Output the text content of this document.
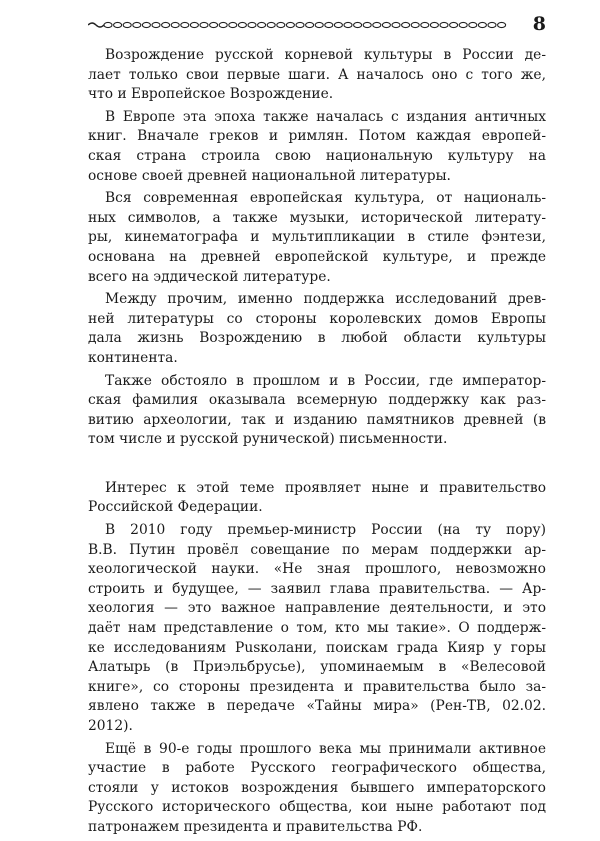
8
Возрождение русской корневой культуры в России де-
лает только свои первые шаги. А началось оно с того же,
что и Европейское Возрождение.
В Европе эта эпоха также началась с издания античных
книг. Вначале греков и римлян. Потом каждая европей-
ская страна строила свою национальную культуру на
основе своей древней национальной литературы.
Вся современная европейская культура, от националь-
ных символов, а также музыки, исторической литерату-
ры, кинематографа и мультипликации в стиле фэнтези,
основана на древней европейской культуре, и прежде
всего на эддической литературе.
Между прочим, именно поддержка исследований древ-
ней литературы со стороны королевских домов Европы
дала жизнь Возрождению в любой области культуры
континента.
Также обстояло в прошлом и в России, где император-
ская фамилия оказывала всемерную поддержку как раз-
витию археологии, так и изданию памятников древней (в
том числе и русской рунической) письменности.
Интерес к этой теме проявляет ныне и правительство
Российской Федерации.
В 2010 году премьер-министр России (на ту пору)
В.В. Путин провёл совещание по мерам поддержки ар-
хеологической науки. «Не зная прошлого, невозможно
строить и будущее, — заявил глава правительства. — Ар-
хеология — это важное направление деятельности, и это
даёт нам представление о том, кто мы такие». О поддерж-
ке исследованиям Рusколани, поискам града Кияр у горы
Алатырь (в Приэльбрусье), упоминаемым в «Велесовой
книге», со стороны президента и правительства было за-
явлено также в передаче «Тайны мира» (Рен-ТВ, 02.02.
2012).
Ещё в 90-е годы прошлого века мы принимали активное
участие в работе Русского географического общества,
стояли у истоков возрождения бывшего императорского
Русского исторического общества, кои ныне работают под
патронажем президента и правительства РФ.
